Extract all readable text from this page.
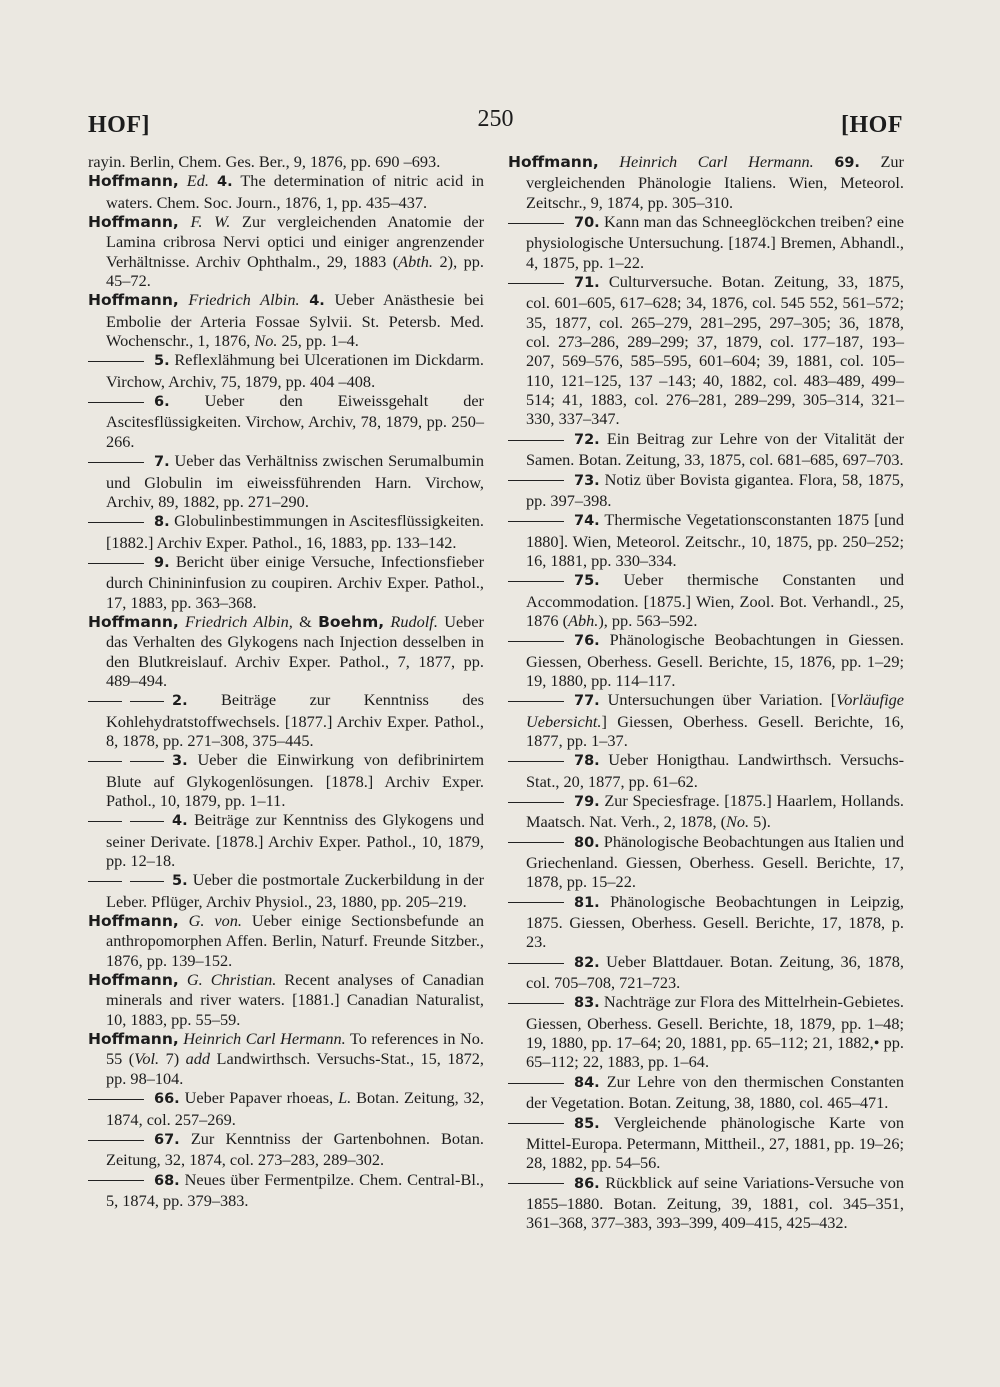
HOF]	250	[HOF

rayin. Berlin, Chem. Ges. Ber., 9, 1876, pp. 690 –693.

Hoffmann, Ed. 4. The determination of nitric acid in waters. Chem. Soc. Journ., 1876, 1, pp. 435–437.

Hoffmann, F. W. Zur vergleichenden Anatomie der Lamina cribrosa Nervi optici und einiger angrenzender Verhältnisse. Archiv Ophthalm., 29, 1883 (Abth. 2), pp. 45–72.

Hoffmann, Friedrich Albin. 4. Ueber Anästhesie bei Embolie der Arteria Fossae Sylvii. St. Petersb. Med. Wochenschr., 1, 1876, No. 25, pp. 1–4.

5. Reflexlähmung bei Ulcerationen im Dickdarm. Virchow, Archiv, 75, 1879, pp. 404 –408.

6. Ueber den Eiweissgehalt der Ascitesflüssigkeiten. Virchow, Archiv, 78, 1879, pp. 250–266.

7. Ueber das Verhältniss zwischen Serumalbumin und Globulin im eiweissführenden Harn. Virchow, Archiv, 89, 1882, pp. 271–290.

8. Globulinbestimmungen in Ascitesflüssigkeiten. [1882.] Archiv Exper. Pathol., 16, 1883, pp. 133–142.

9. Bericht über einige Versuche, Infectionsfieber durch Chinininfusion zu coupiren. Archiv Exper. Pathol., 17, 1883, pp. 363–368.

Hoffmann, Friedrich Albin, & Boehm, Rudolf. Ueber das Verhalten des Glykogens nach Injection desselben in den Blutkreislauf. Archiv Exper. Pathol., 7, 1877, pp. 489–494.

2. Beiträge zur Kenntniss des Kohlehydratstoffwechsels. [1877.] Archiv Exper. Pathol., 8, 1878, pp. 271–308, 375–445.

3. Ueber die Einwirkung von defibrinirtem Blute auf Glykogenlösungen. [1878.] Archiv Exper. Pathol., 10, 1879, pp. 1–11.

4. Beiträge zur Kenntniss des Glykogens und seiner Derivate. [1878.] Archiv Exper. Pathol., 10, 1879, pp. 12–18.

5. Ueber die postmortale Zuckerbildung in der Leber. Pflüger, Archiv Physiol., 23, 1880, pp. 205–219.

Hoffmann, G. von. Ueber einige Sectionsbefunde an anthropomorphen Affen. Berlin, Naturf. Freunde Sitzber., 1876, pp. 139–152.

Hoffmann, G. Christian. Recent analyses of Canadian minerals and river waters. [1881.] Canadian Naturalist, 10, 1883, pp. 55–59.

Hoffmann, Heinrich Carl Hermann. To references in No. 55 (Vol. 7) add Landwirthsch. Versuchs-Stat., 15, 1872, pp. 98–104.

66. Ueber Papaver rhoeas, L. Botan. Zeitung, 32, 1874, col. 257–269.

67. Zur Kenntniss der Gartenbohnen. Botan. Zeitung, 32, 1874, col. 273–283, 289–302.

68. Neues über Fermentpilze. Chem. Central-Bl., 5, 1874, pp. 379–383.

Hoffmann, Heinrich Carl Hermann. 69. Zur vergleichenden Phänologie Italiens. Wien, Meteorol. Zeitschr., 9, 1874, pp. 305–310.

70. Kann man das Schneeglöckchen treiben? eine physiologische Untersuchung. [1874.] Bremen, Abhandl., 4, 1875, pp. 1–22.

71. Culturversuche. Botan. Zeitung, 33, 1875, col. 601–605, 617–628; 34, 1876, col. 545 552, 561–572; 35, 1877, col. 265–279, 281–295, 297–305; 36, 1878, col. 273–286, 289–299; 37, 1879, col. 177–187, 193–207, 569–576, 585–595, 601–604; 39, 1881, col. 105–110, 121–125, 137 –143; 40, 1882, col. 483–489, 499–514; 41, 1883, col. 276–281, 289–299, 305–314, 321–330, 337–347.

72. Ein Beitrag zur Lehre von der Vitalität der Samen. Botan. Zeitung, 33, 1875, col. 681–685, 697–703.

73. Notiz über Bovista gigantea. Flora, 58, 1875, pp. 397–398.

74. Thermische Vegetationsconstanten 1875 [und 1880]. Wien, Meteorol. Zeitschr., 10, 1875, pp. 250–252; 16, 1881, pp. 330–334.

75. Ueber thermische Constanten und Accommodation. [1875.] Wien, Zool. Bot. Verhandl., 25, 1876 (Abh.), pp. 563–592.

76. Phänologische Beobachtungen in Giessen. Giessen, Oberhess. Gesell. Berichte, 15, 1876, pp. 1–29; 19, 1880, pp. 114–117.

77. Untersuchungen über Variation. [Vorläufige Uebersicht.] Giessen, Oberhess. Gesell. Berichte, 16, 1877, pp. 1–37.

78. Ueber Honigthau. Landwirthsch. Versuchs-Stat., 20, 1877, pp. 61–62.

79. Zur Speciesfrage. [1875.] Haarlem, Hollands. Maatsch. Nat. Verh., 2, 1878, (No. 5).

80. Phänologische Beobachtungen aus Italien und Griechenland. Giessen, Oberhess. Gesell. Berichte, 17, 1878, pp. 15–22.

81. Phänologische Beobachtungen in Leipzig, 1875. Giessen, Oberhess. Gesell. Berichte, 17, 1878, p. 23.

82. Ueber Blattdauer. Botan. Zeitung, 36, 1878, col. 705–708, 721–723.

83. Nachträge zur Flora des Mittelrhein-Gebietes. Giessen, Oberhess. Gesell. Berichte, 18, 1879, pp. 1–48; 19, 1880, pp. 17–64; 20, 1881, pp. 65–112; 21, 1882,• pp. 65–112; 22, 1883, pp. 1–64.

84. Zur Lehre von den thermischen Constanten der Vegetation. Botan. Zeitung, 38, 1880, col. 465–471.

85. Vergleichende phänologische Karte von Mittel-Europa. Petermann, Mittheil., 27, 1881, pp. 19–26; 28, 1882, pp. 54–56.

86. Rückblick auf seine Variations-Versuche von 1855–1880. Botan. Zeitung, 39, 1881, col. 345–351, 361–368, 377–383, 393–399, 409–415, 425–432.
